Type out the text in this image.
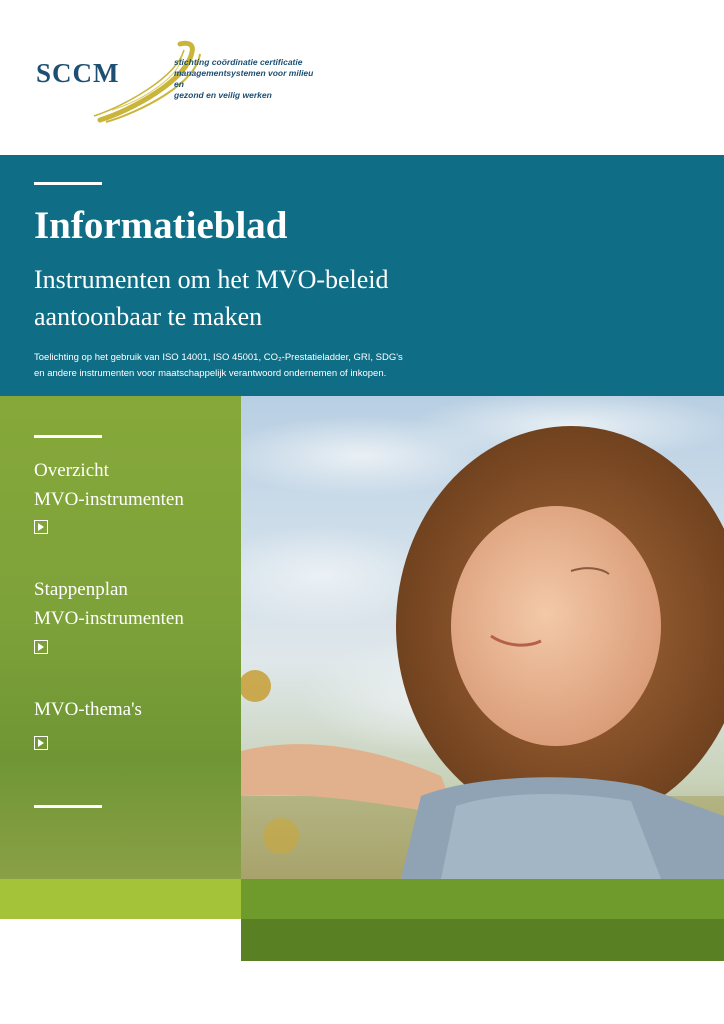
SCCM	stichting coördinatie certificatie
managementsystemen voor milieu en
gezond en veilig werken
Informatieblad
Instrumenten om het MVO-beleid
aantoonbaar te maken
Toelichting op het gebruik van ISO 14001, ISO 45001, CO₂-Prestatieladder, GRI, SDG's
en andere instrumenten voor maatschappelijk verantwoord ondernemen of inkopen.
Overzicht
MVO-instrumenten
Stappenplan
MVO-instrumenten
MVO-thema's
